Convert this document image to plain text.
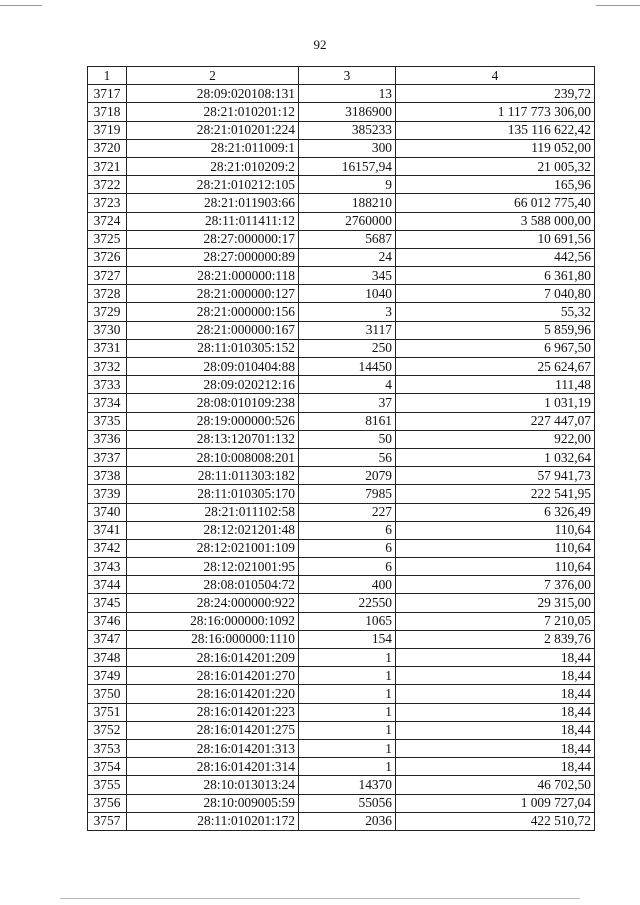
92
1	2	3	4
3717	28:09:020108:131	13	239,72
3718	28:21:010201:12	3186900	1 117 773 306,00
3719	28:21:010201:224	385233	135 116 622,42
3720	28:21:011009:1	300	119 052,00
3721	28:21:010209:2	16157,94	21 005,32
3722	28:21:010212:105	9	165,96
3723	28:21:011903:66	188210	66 012 775,40
3724	28:11:011411:12	2760000	3 588 000,00
3725	28:27:000000:17	5687	10 691,56
3726	28:27:000000:89	24	442,56
3727	28:21:000000:118	345	6 361,80
3728	28:21:000000:127	1040	7 040,80
3729	28:21:000000:156	3	55,32
3730	28:21:000000:167	3117	5 859,96
3731	28:11:010305:152	250	6 967,50
3732	28:09:010404:88	14450	25 624,67
3733	28:09:020212:16	4	111,48
3734	28:08:010109:238	37	1 031,19
3735	28:19:000000:526	8161	227 447,07
3736	28:13:120701:132	50	922,00
3737	28:10:008008:201	56	1 032,64
3738	28:11:011303:182	2079	57 941,73
3739	28:11:010305:170	7985	222 541,95
3740	28:21:011102:58	227	6 326,49
3741	28:12:021201:48	6	110,64
3742	28:12:021001:109	6	110,64
3743	28:12:021001:95	6	110,64
3744	28:08:010504:72	400	7 376,00
3745	28:24:000000:922	22550	29 315,00
3746	28:16:000000:1092	1065	7 210,05
3747	28:16:000000:1110	154	2 839,76
3748	28:16:014201:209	1	18,44
3749	28:16:014201:270	1	18,44
3750	28:16:014201:220	1	18,44
3751	28:16:014201:223	1	18,44
3752	28:16:014201:275	1	18,44
3753	28:16:014201:313	1	18,44
3754	28:16:014201:314	1	18,44
3755	28:10:013013:24	14370	46 702,50
3756	28:10:009005:59	55056	1 009 727,04
3757	28:11:010201:172	2036	422 510,72
